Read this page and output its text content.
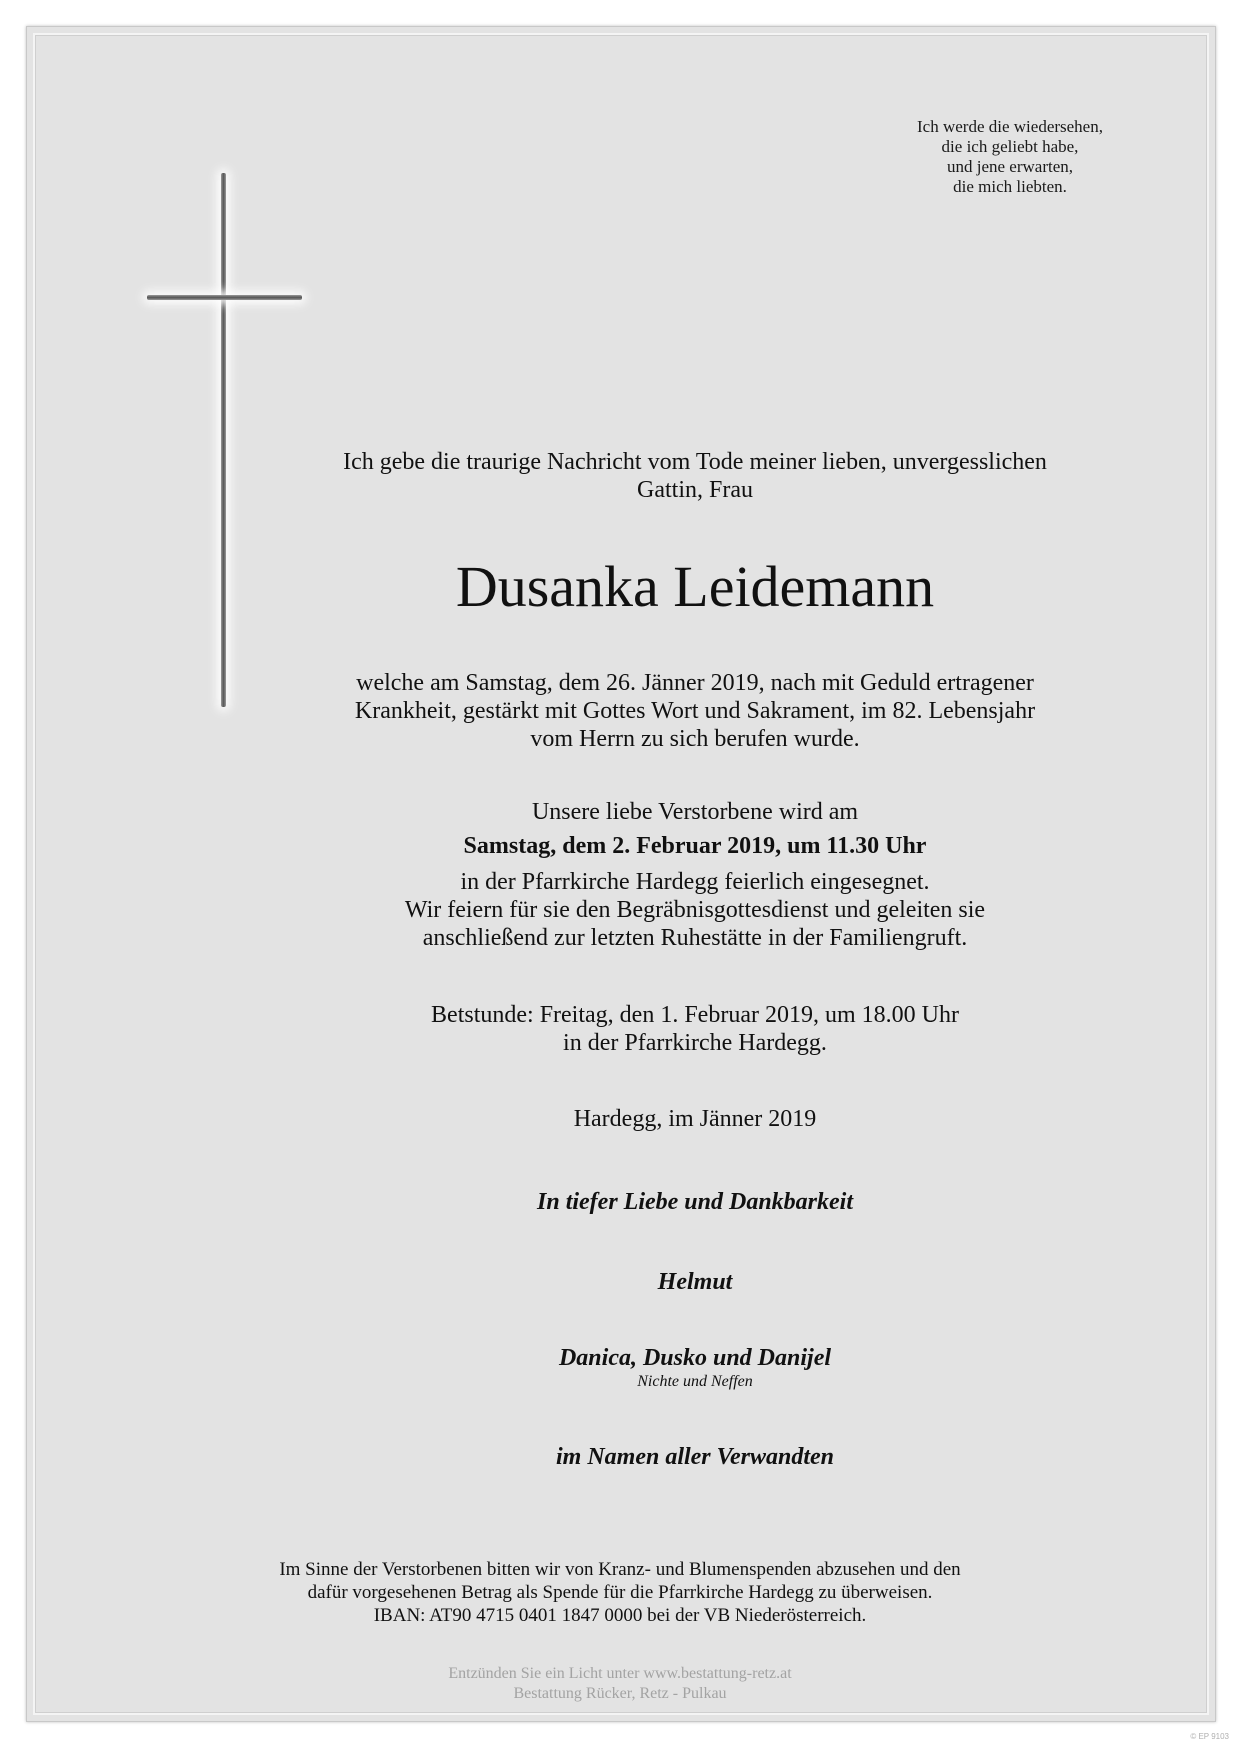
Ich werde die wiedersehen,
die ich geliebt habe,
und jene erwarten,
die mich liebten.
Ich gebe die traurige Nachricht vom Tode meiner lieben, unvergesslichen
Gattin, Frau
Dusanka Leidemann
welche am Samstag, dem 26. Jänner 2019, nach mit Geduld ertragener
Krankheit, gestärkt mit Gottes Wort und Sakrament, im 82. Lebensjahr
vom Herrn zu sich berufen wurde.
Unsere liebe Verstorbene wird am
Samstag, dem 2. Februar 2019, um 11.30 Uhr
in der Pfarrkirche Hardegg feierlich eingesegnet.
Wir feiern für sie den Begräbnisgottesdienst und geleiten sie
anschließend zur letzten Ruhestätte in der Familiengruft.
Betstunde: Freitag, den 1. Februar 2019, um 18.00 Uhr
in der Pfarrkirche Hardegg.
Hardegg, im Jänner 2019
In tiefer Liebe und Dankbarkeit
Helmut
Danica, Dusko und Danijel
Nichte und Neffen
im Namen aller Verwandten
Im Sinne der Verstorbenen bitten wir von Kranz- und Blumenspenden abzusehen und den
dafür vorgesehenen Betrag als Spende für die Pfarrkirche Hardegg zu überweisen.
IBAN: AT90 4715 0401 1847 0000 bei der VB Niederösterreich.
Entzünden Sie ein Licht unter www.bestattung-retz.at
Bestattung Rücker, Retz - Pulkau
© EP 9103
